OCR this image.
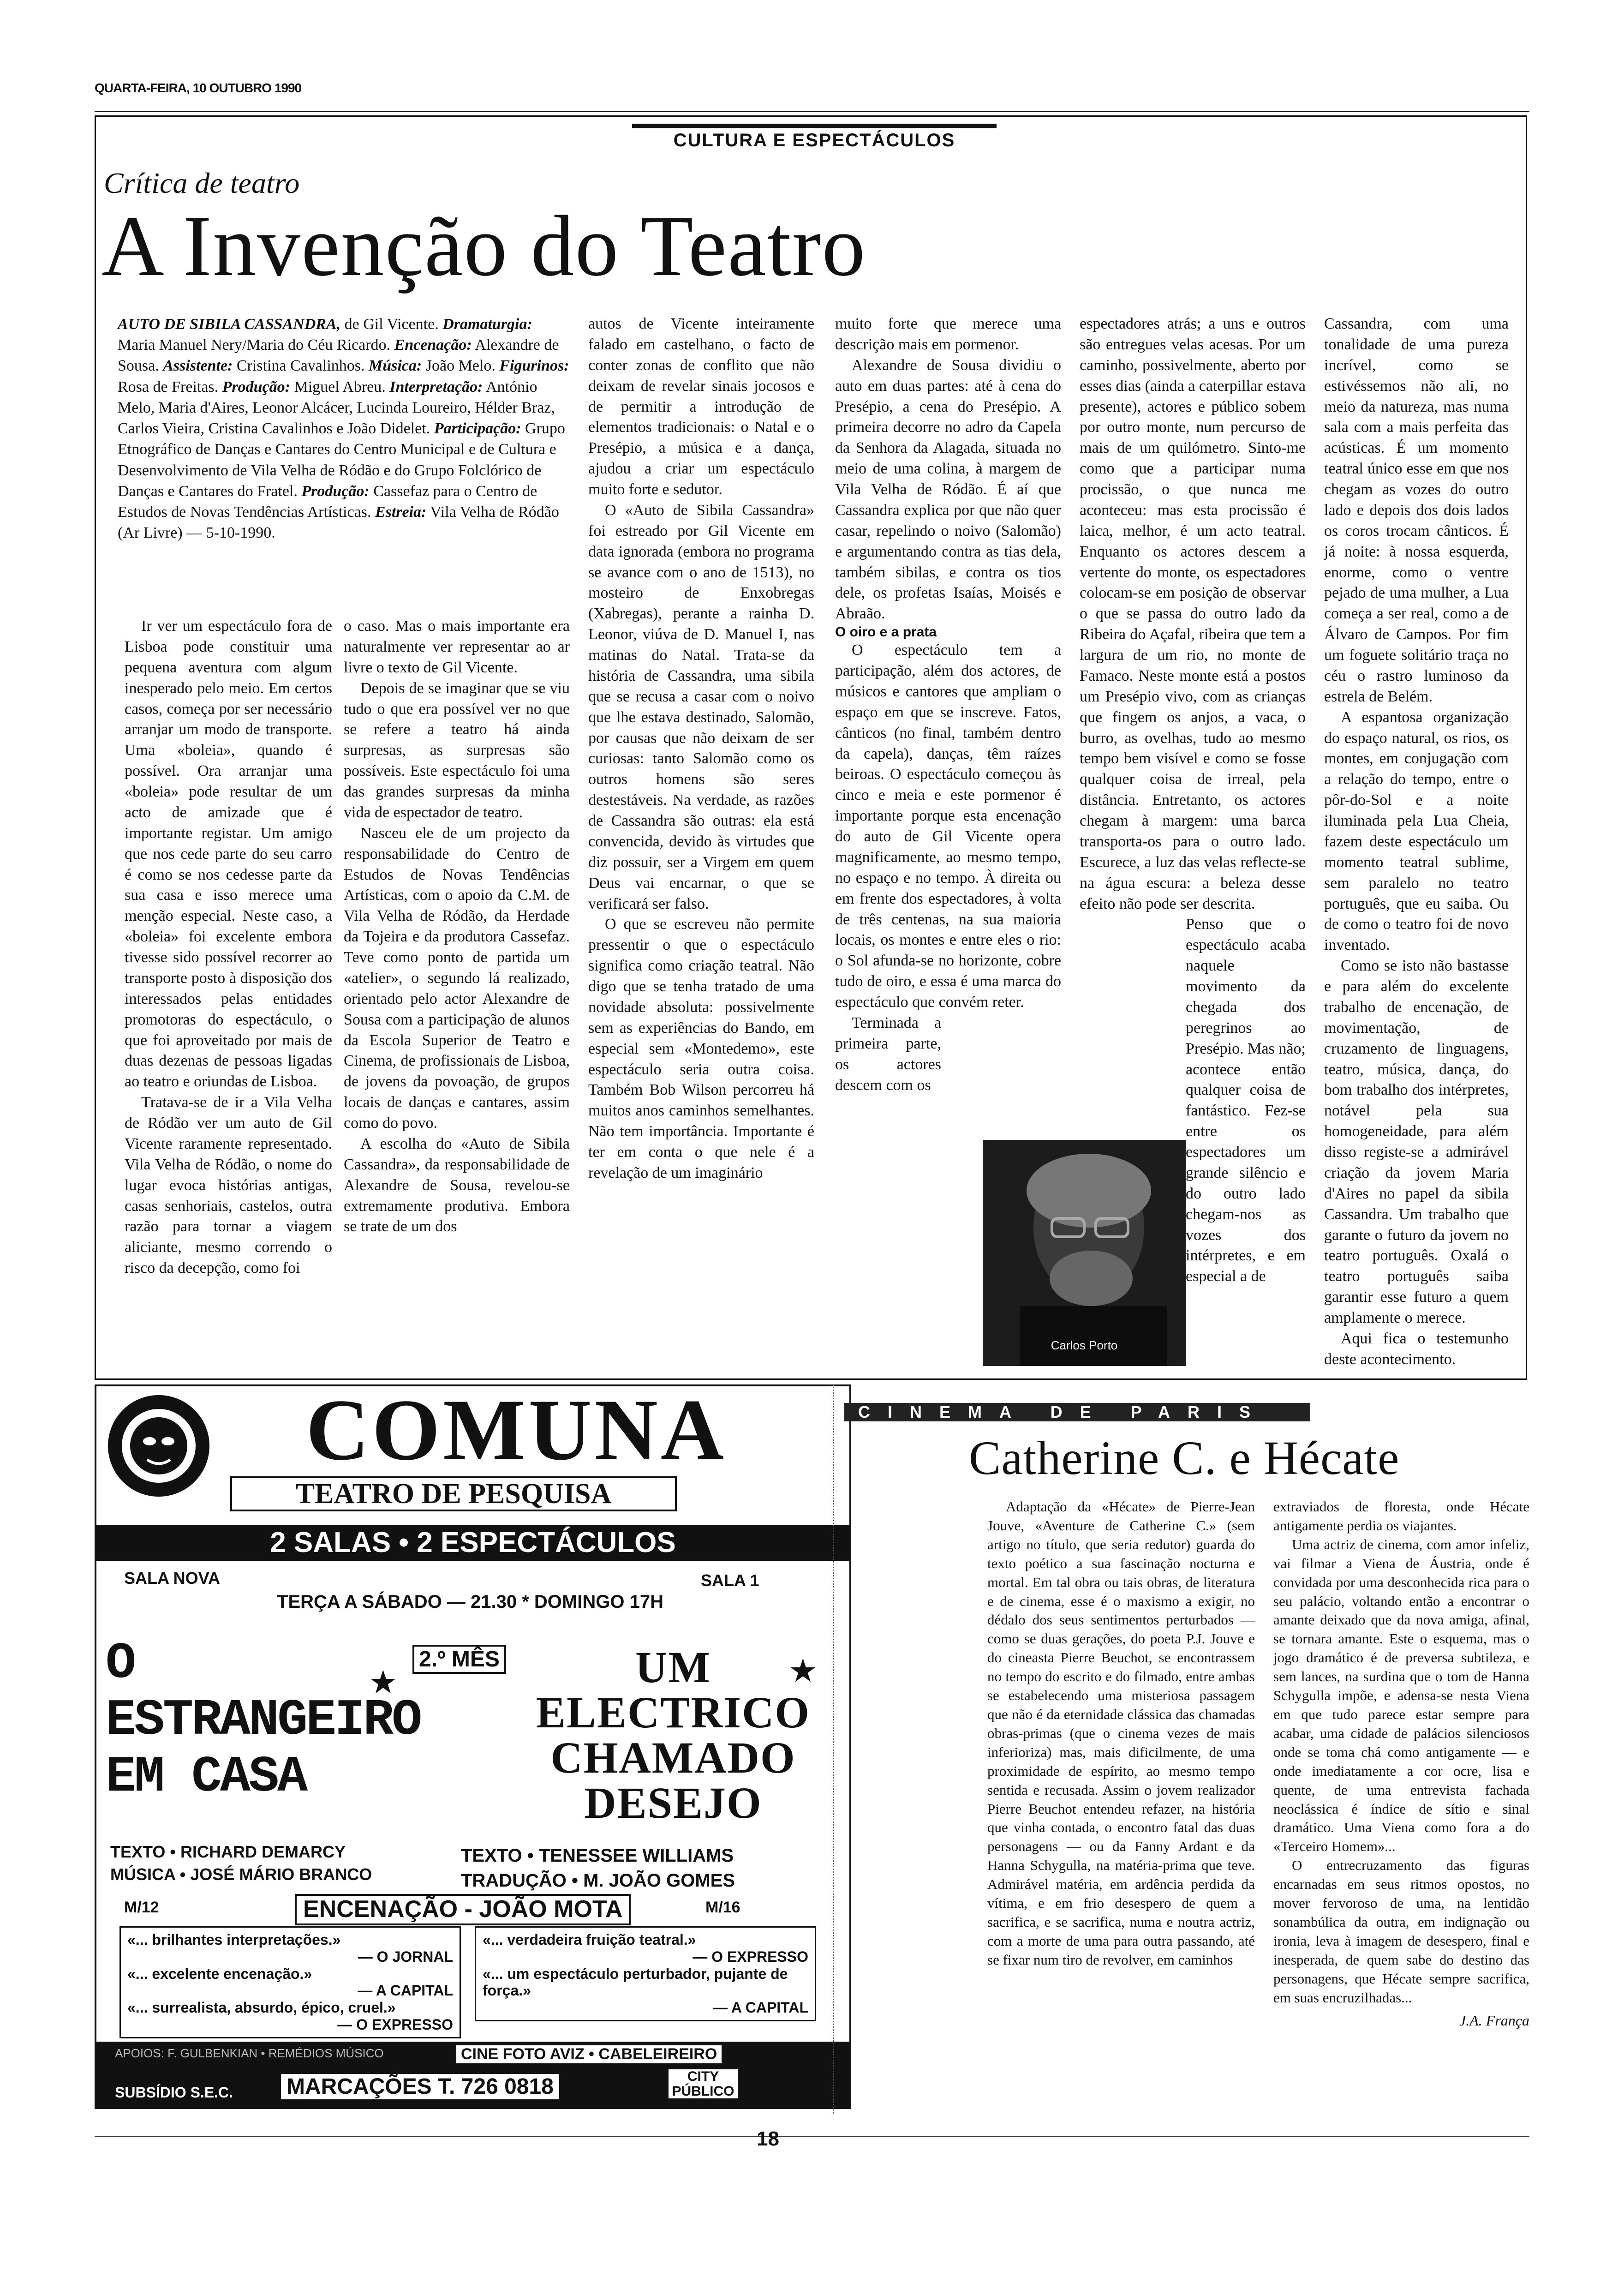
QUARTA-FEIRA, 10 OUTUBRO 1990
CULTURA E ESPECTÁCULOS
Crítica de teatro
A Invenção do Teatro
AUTO DE SIBILA CASSANDRA, de Gil Vicente. Dramaturgia: Maria Manuel Nery/Maria do Céu Ricardo. Encenação: Alexandre de Sousa. Assistente: Cristina Cavalinhos. Música: João Melo. Figurinos: Rosa de Freitas. Produção: Miguel Abreu. Interpretação: António Melo, Maria d'Aires, Leonor Alcácer, Lucinda Loureiro, Hélder Braz, Carlos Vieira, Cristina Cavalinhos e João Didelet. Participação: Grupo Etnográfico de Danças e Cantares do Centro Municipal e de Cultura e Desenvolvimento de Vila Velha de Ródão e do Grupo Folclórico de Danças e Cantares do Fratel. Produção: Cassefaz para o Centro de Estudos de Novas Tendências Artísticas. Estreia: Vila Velha de Ródão (Ar Livre) — 5-10-1990.

Ir ver um espectáculo fora de Lisboa pode constituir uma pequena aventura com algum inesperado pelo meio. Em certos casos, começa por ser necessário arranjar um modo de transporte. Uma «boleia», quando é possível. Ora arranjar uma «boleia» pode resultar de um acto de amizade que é importante registar. Um amigo que nos cede parte do seu carro é como se nos cedesse parte da sua casa e isso merece uma menção especial. Neste caso, a «boleia» foi excelente embora tivesse sido possível recorrer ao transporte posto à disposição dos interessados pelas entidades promotoras do espectáculo, o que foi aproveitado por mais de duas dezenas de pessoas ligadas ao teatro e oriundas de Lisboa.

Tratava-se de ir a Vila Velha de Ródão ver um auto de Gil Vicente raramente representado. Vila Velha de Ródão, o nome do lugar evoca histórias antigas, casas senhoriais, castelos, outra razão para tornar a viagem aliciante, mesmo correndo o risco da decepção, como foi

o caso. Mas o mais importante era naturalmente ver representar ao ar livre o texto de Gil Vicente.

Depois de se imaginar que se viu tudo o que era possível ver no que se refere a teatro há ainda surpresas, as surpresas são possíveis. Este espectáculo foi uma das grandes surpresas da minha vida de espectador de teatro.

Nasceu ele de um projecto da responsabilidade do Centro de Estudos de Novas Tendências Artísticas, com o apoio da C.M. de Vila Velha de Ródão, da Herdade da Tojeira e da produtora Cassefaz. Teve como ponto de partida um «atelier», o segundo lá realizado, orientado pelo actor Alexandre de Sousa com a participação de alunos da Escola Superior de Teatro e Cinema, de profissionais de Lisboa, de jovens da povoação, de grupos locais de danças e cantares, assim como do povo.

A escolha do «Auto de Sibila Cassandra», da responsabilidade de Alexandre de Sousa, revelou-se extremamente produtiva. Embora se trate de um dos

autos de Vicente inteiramente falado em castelhano, o facto de conter zonas de conflito que não deixam de revelar sinais jocosos e de permitir a introdução de elementos tradicionais: o Natal e o Presépio, a música e a dança, ajudou a criar um espectáculo muito forte e sedutor.

O «Auto de Sibila Cassandra» foi estreado por Gil Vicente em data ignorada (embora no programa se avance com o ano de 1513), no mosteiro de Enxobregas (Xabregas), perante a rainha D. Leonor, viúva de D. Manuel I, nas matinas do Natal. Trata-se da história de Cassandra, uma sibila que se recusa a casar com o noivo que lhe estava destinado, Salomão, por causas que não deixam de ser curiosas: tanto Salomão como os outros homens são seres destestáveis. Na verdade, as razões de Cassandra são outras: ela está convencida, devido às virtudes que diz possuir, ser a Virgem em quem Deus vai encarnar, o que se verificará ser falso.

O que se escreveu não permite pressentir o que o espectáculo significa como criação teatral. Não digo que se tenha tratado de uma novidade absoluta: possivelmente sem as experiências do Bando, em especial sem «Montedemo», este espectáculo seria outra coisa. Também Bob Wilson percorreu há muitos anos caminhos semelhantes. Não tem importância. Importante é ter em conta o que nele é a revelação de um imaginário

muito forte que merece uma descrição mais em pormenor.

Alexandre de Sousa dividiu o auto em duas partes: até à cena do Presépio, a cena do Presépio. A primeira decorre no adro da Capela da Senhora da Alagada, situada no meio de uma colina, à margem de Vila Velha de Ródão. É aí que Cassandra explica por que não quer casar, repelindo o noivo (Salomão) e argumentando contra as tias dela, também sibilas, e contra os tios dele, os profetas Isaías, Moisés e Abraão.

O oiro e a prata

O espectáculo tem a participação, além dos actores, de músicos e cantores que ampliam o espaço em que se inscreve. Fatos, cânticos (no final, também dentro da capela), danças, têm raízes beiroas. O espectáculo começou às cinco e meia e este pormenor é importante porque esta encenação do auto de Gil Vicente opera magnificamente, ao mesmo tempo, no espaço e no tempo. À direita ou em frente dos espectadores, à volta de três centenas, na sua maioria locais, os montes e entre eles o rio: o Sol afunda-se no horizonte, cobre tudo de oiro, e essa é uma marca do espectáculo que convém reter.

Terminada a primeira parte, os actores descem com os

espectadores atrás; a uns e outros são entregues velas acesas. Por um caminho, possivelmente, aberto por esses dias (ainda a caterpillar estava presente), actores e público sobem por outro monte, num percurso de mais de um quilómetro. Sinto-me como que a participar numa procissão, o que nunca me aconteceu: mas esta procissão é laica, melhor, é um acto teatral. Enquanto os actores descem a vertente do monte, os espectadores colocam-se em posição de observar o que se passa do outro lado da Ribeira do Açafal, ribeira que tem a largura de um rio, no monte de Famaco. Neste monte está a postos um Presépio vivo, com as crianças que fingem os anjos, a vaca, o burro, as ovelhas, tudo ao mesmo tempo bem visível e como se fosse qualquer coisa de irreal, pela distância. Entretanto, os actores chegam à margem: uma barca transporta-os para o outro lado. Escurece, a luz das velas reflecte-se na água escura: a beleza desse efeito não pode ser descrita.

Penso que o espectáculo acaba naquele movimento da chegada dos peregrinos ao Presépio. Mas não; acontece então qualquer coisa de fantástico. Fez-se entre os espectadores um grande silêncio e do outro lado chegam-nos as vozes dos intérpretes, e em especial a de

Cassandra, com uma tonalidade de uma pureza incrível, como se estivéssemos não ali, no meio da natureza, mas numa sala com a mais perfeita das acústicas. É um momento teatral único esse em que nos chegam as vozes do outro lado e depois dos dois lados os coros trocam cânticos. É já noite: à nossa esquerda, enorme, como o ventre pejado de uma mulher, a Lua começa a ser real, como a de Álvaro de Campos. Por fim um foguete solitário traça no céu o rastro luminoso da estrela de Belém.

A espantosa organização do espaço natural, os rios, os montes, em conjugação com a relação do tempo, entre o pôr-do-Sol e a noite iluminada pela Lua Cheia, fazem deste espectáculo um momento teatral sublime, sem paralelo no teatro português, que eu saiba. Ou de como o teatro foi de novo inventado.

Como se isto não bastasse e para além do excelente trabalho de encenação, de movimentação, de cruzamento de linguagens, teatro, música, dança, do bom trabalho dos intérpretes, notável pela sua homogeneidade, para além disso registe-se a admirável criação da jovem Maria d'Aires no papel da sibila Cassandra. Um trabalho que garante o futuro da jovem no teatro português. Oxalá o teatro português saiba garantir esse futuro a quem amplamente o merece.

Aqui fica o testemunho deste acontecimento.

Carlos Porto
COMUNA
TEATRO DE PESQUISA
2 SALAS • 2 ESPECTÁCULOS
SALA NOVA	SALA 1
TERÇA A SÁBADO — 21.30 * DOMINGO 17H
O
ESTRANGEIRO
EM CASA
★
2.º MÊS	UM
ELECTRICO
CHAMADO
DESEJO
★
TEXTO • RICHARD DEMARCY
MÚSICA • JOSÉ MÁRIO BRANCO
TEXTO • TENESSEE WILLIAMS
TRADUÇÃO • M. JOÃO GOMES
M/12	ENCENAÇÃO - JOÃO MOTA	M/16
«... brilhantes interpretações.»
— O JORNAL
«... excelente encenação.»
— A CAPITAL
«... surrealista, absurdo, épico, cruel.»
— O EXPRESSO
«... verdadeira fruição teatral.»
— O EXPRESSO
«... um espectáculo perturbador, pujante de força.»
— A CAPITAL
APOIOS: F. GULBENKIAN • REMÉDIOS MÚSICO	CINE FOTO AVIZ • CABELEIREIRO
SUBSÍDIO S.E.C. MARCAÇÕES T. 726 0818	CITY PÚBLICO
CINEMA DE PARIS
Catherine C. e Hécate

Adaptação da «Hécate» de Pierre-Jean Jouve, «Aventure de Catherine C.» (sem artigo no título, que seria redutor) guarda do texto poético a sua fascinação nocturna e mortal. Em tal obra ou tais obras, de literatura e de cinema, esse é o maxismo a exigir, no dédalo dos seus sentimentos perturbados — como se duas gerações, do poeta P.J. Jouve e do cineasta Pierre Beuchot, se encontrassem no tempo do escrito e do filmado, entre ambas se estabelecendo uma misteriosa passagem que não é da eternidade clássica das chamadas obras-primas (que o cinema vezes de mais inferioriza) mas, mais dificilmente, de uma proximidade de espírito, ao mesmo tempo sentida e recusada. Assim o jovem realizador Pierre Beuchot entendeu refazer, na história que vinha contada, o encontro fatal das duas personagens — ou da Fanny Ardant e da Hanna Schygulla, na matéria-prima que teve. Admirável matéria, em ardência perdida da vítima, e em frio desespero de quem a sacrifica, e se sacrifica, numa e noutra actriz, com a morte de uma para outra passando, até se fixar num tiro de revolver, em caminhos

extraviados de floresta, onde Hécate antigamente perdia os viajantes.

Uma actriz de cinema, com amor infeliz, vai filmar a Viena de Áustria, onde é convidada por uma desconhecida rica para o seu palácio, voltando então a encontrar o amante deixado que da nova amiga, afinal, se tornara amante. Este o esquema, mas o jogo dramático é de preversa subtileza, e sem lances, na surdina que o tom de Hanna Schygulla impõe, e adensa-se nesta Viena em que tudo parece estar sempre para acabar, uma cidade de palácios silenciosos onde se toma chá como antigamente — e onde imediatamente a cor ocre, lisa e quente, de uma entrevista fachada neoclássica é índice de sítio e sinal dramático. Uma Viena como fora a do «Terceiro Homem»...

O entrecruzamento das figuras encarnadas em seus ritmos opostos, no mover fervoroso de uma, na lentidão sonambúlica da outra, em indignação ou ironia, leva à imagem de desespero, final e inesperada, de quem sabe do destino das personagens, que Hécate sempre sacrifica, em suas encruzilhadas...

J.A. França
18
